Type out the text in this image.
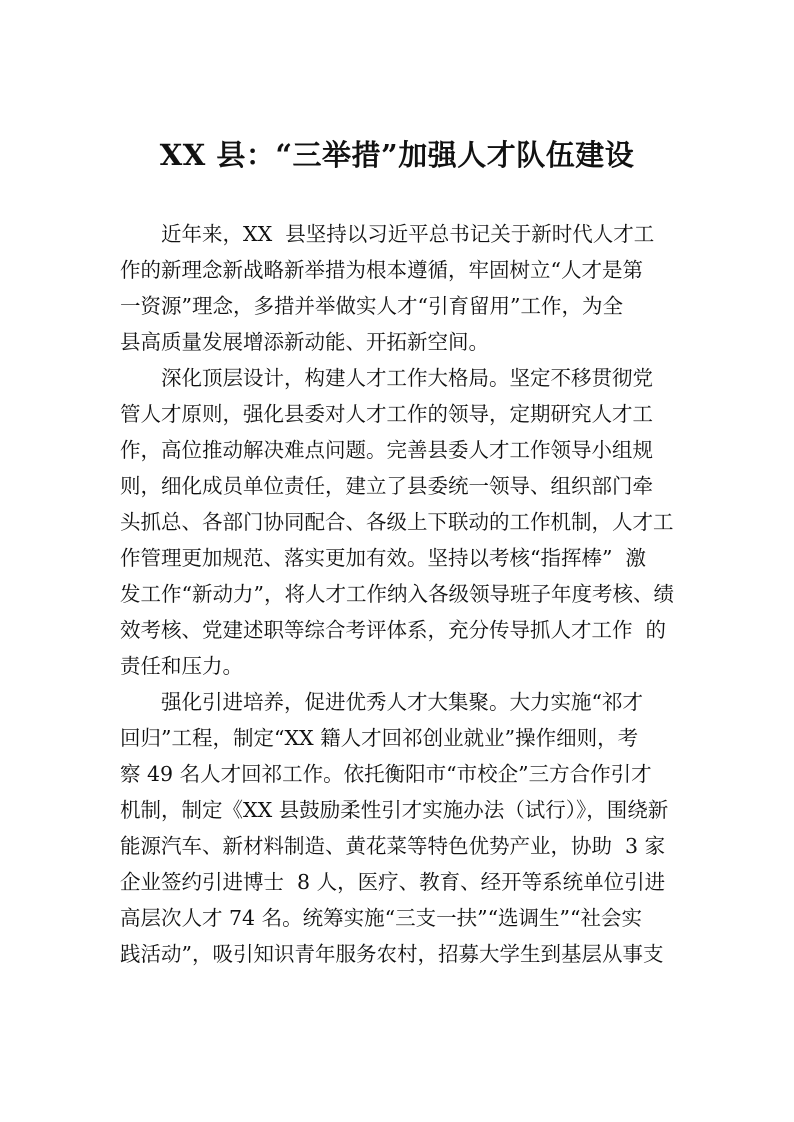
XX 县：“三举措”加强人才队伍建设
近年来，XX  县坚持以习近平总书记关于新时代人才工
作的新理念新战略新举措为根本遵循，牢固树立“人才是第
一资源”理念，多措并举做实人才“引育留用”工作，为全
县高质量发展增添新动能、开拓新空间。
深化顶层设计，构建人才工作大格局。坚定不移贯彻党
管人才原则，强化县委对人才工作的领导，定期研究人才工
作，高位推动解决难点问题。完善县委人才工作领导小组规
则，细化成员单位责任，建立了县委统一领导、组织部门牵
头抓总、各部门协同配合、各级上下联动的工作机制，人才工
作管理更加规范、落实更加有效。坚持以考核“指挥棒”  激
发工作“新动力”，将人才工作纳入各级领导班子年度考核、绩
效考核、党建述职等综合考评体系，充分传导抓人才工作  的
责任和压力。
强化引进培养，促进优秀人才大集聚。大力实施“祁才
回归”工程，制定“XX 籍人才回祁创业就业”操作细则，考
察 49 名人才回祁工作。依托衡阳市“市校企”三方合作引才
机制，制定《XX 县鼓励柔性引才实施办法（试行）》，围绕新
能源汽车、新材料制造、黄花菜等特色优势产业，协助  3 家
企业签约引进博士  8 人，医疗、教育、经开等系统单位引进
高层次人才 74 名。统筹实施“三支一扶”“选调生”“社会实
践活动”，吸引知识青年服务农村，招募大学生到基层从事支
